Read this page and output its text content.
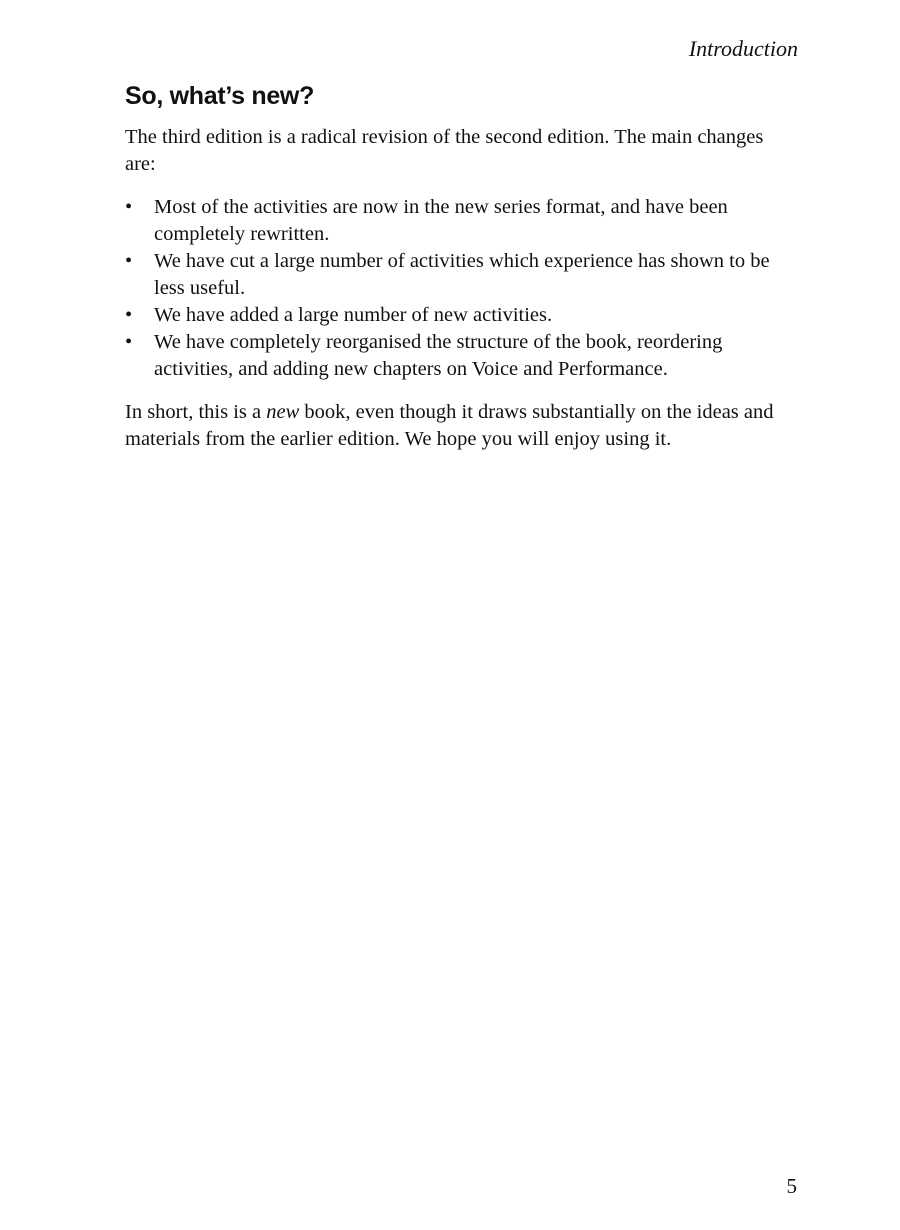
Introduction
So, what’s new?

The third edition is a radical revision of the second edition. The main changes are:

•	Most of the activities are now in the new series format, and have been completely rewritten.
•	We have cut a large number of activities which experience has shown to be less useful.
•	We have added a large number of new activities.
•	We have completely reorganised the structure of the book, reordering activities, and adding new chapters on Voice and Performance.

In short, this is a new book, even though it draws substantially on the ideas and materials from the earlier edition. We hope you will enjoy using it.

5
